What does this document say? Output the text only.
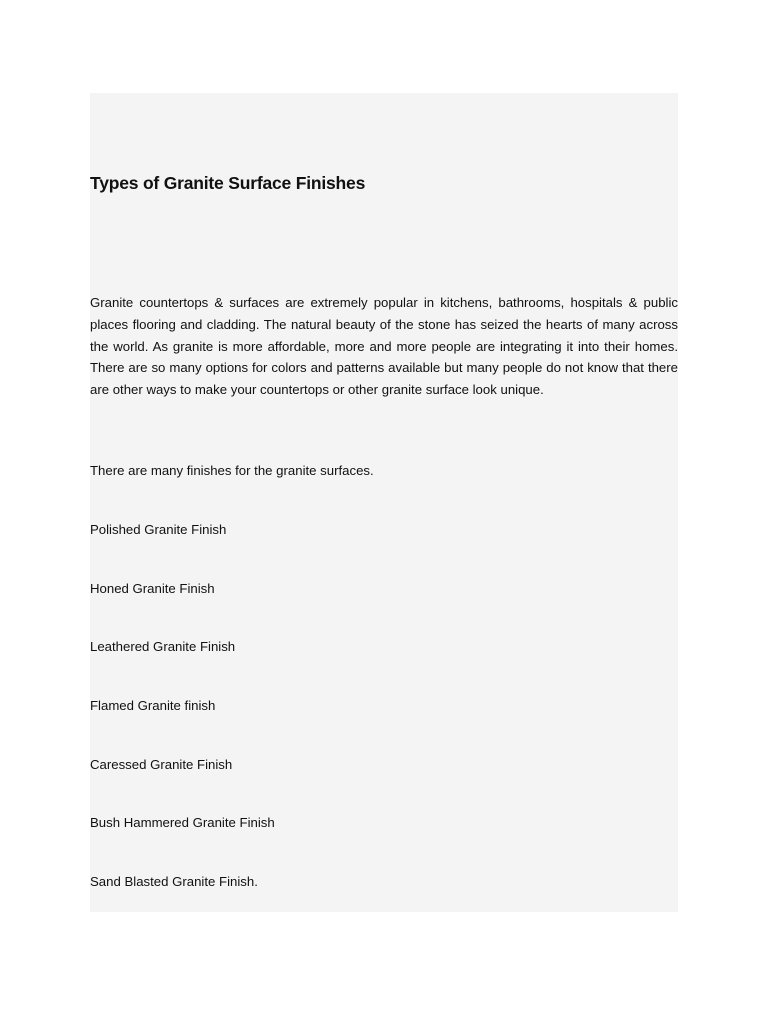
Types of Granite Surface Finishes

Granite countertops & surfaces are extremely popular in kitchens, bathrooms, hospitals & public places flooring and cladding. The natural beauty of the stone has seized the hearts of many across the world. As granite is more affordable, more and more people are integrating it into their homes. There are so many options for colors and patterns available but many people do not know that there are other ways to make your countertops or other granite surface look unique.

There are many finishes for the granite surfaces.

Polished Granite Finish
Honed Granite Finish
Leathered Granite Finish
Flamed Granite finish
Caressed Granite Finish
Bush Hammered Granite Finish
Sand Blasted Granite Finish.
